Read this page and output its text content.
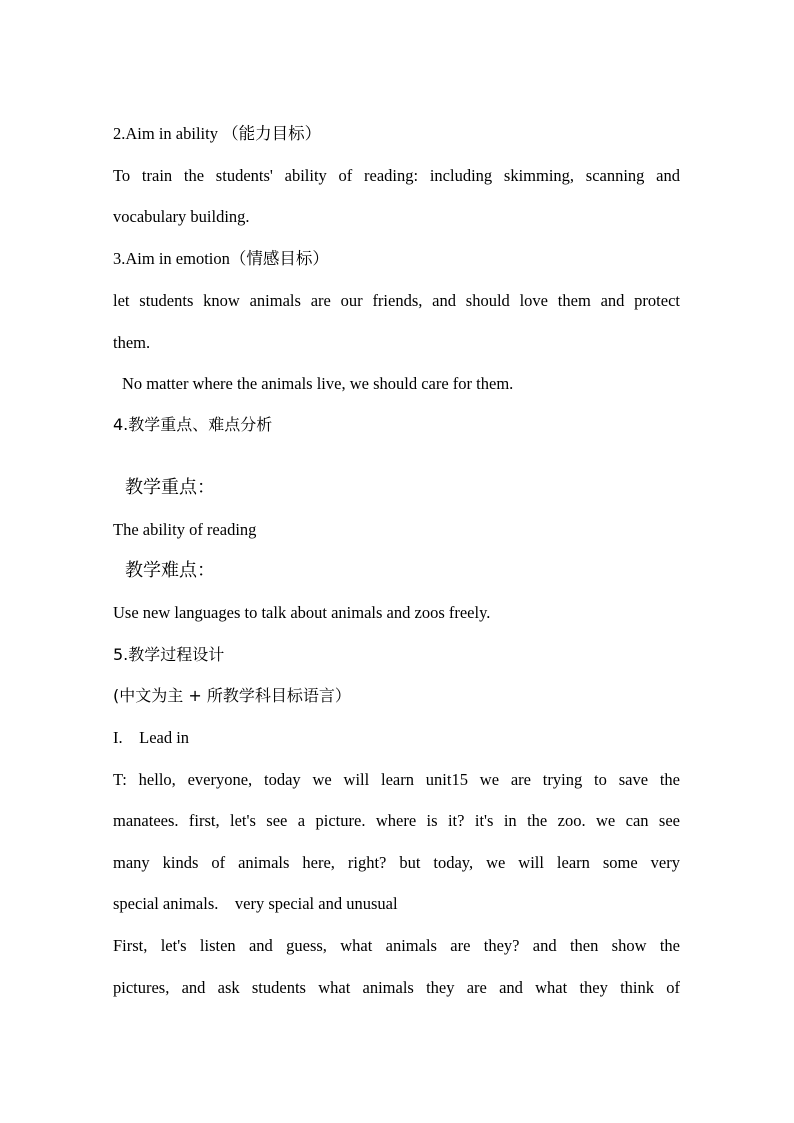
2.Aim in ability （能力目标）
To train the students' ability of reading: including skimming, scanning and
vocabulary building.
3.Aim in emotion（情感目标）
let students know animals are our friends, and should love them and protect
them.
No matter where the animals live, we should care for them.
4.教学重点、难点分析
教学重点：
The ability of reading
教学难点：
Use new languages to talk about animals and zoos freely.
5.教学过程设计
(中文为主 + 所教学科目标语言）
I.    Lead in
T: hello, everyone, today we will learn unit15 we are trying to save the
manatees. first, let's see a picture. where is it? it's in the zoo. we can see
many kinds of animals here, right? but today, we will learn some very
special animals.    very special and unusual
First, let's listen and guess, what animals are they? and then show the
pictures, and ask students what animals they are and what they think of
